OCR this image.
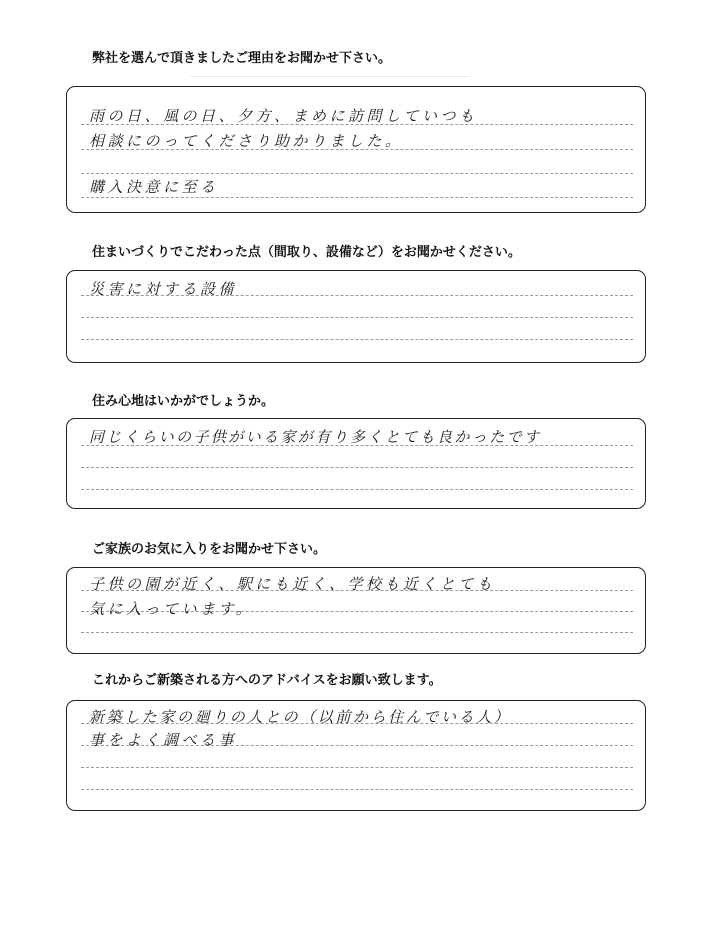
弊社を選んで頂きましたご理由をお聞かせ下さい。
雨の日、風の日、夕方、まめに訪問していつも
相談にのってくださり助かりました。
購入決意に至る
住まいづくりでこだわった点（間取り、設備など）をお聞かせください。
災害に対する設備
住み心地はいかがでしょうか。
同じくらいの子供がいる家が有り多くとても良かったです
ご家族のお気に入りをお聞かせ下さい。
子供の園が近く、駅にも近く、学校も近くとても
気に入っています。
これからご新築される方へのアドバイスをお願い致します。
新築した家の廻りの人との（以前から住んでいる人）
事をよく調べる事
